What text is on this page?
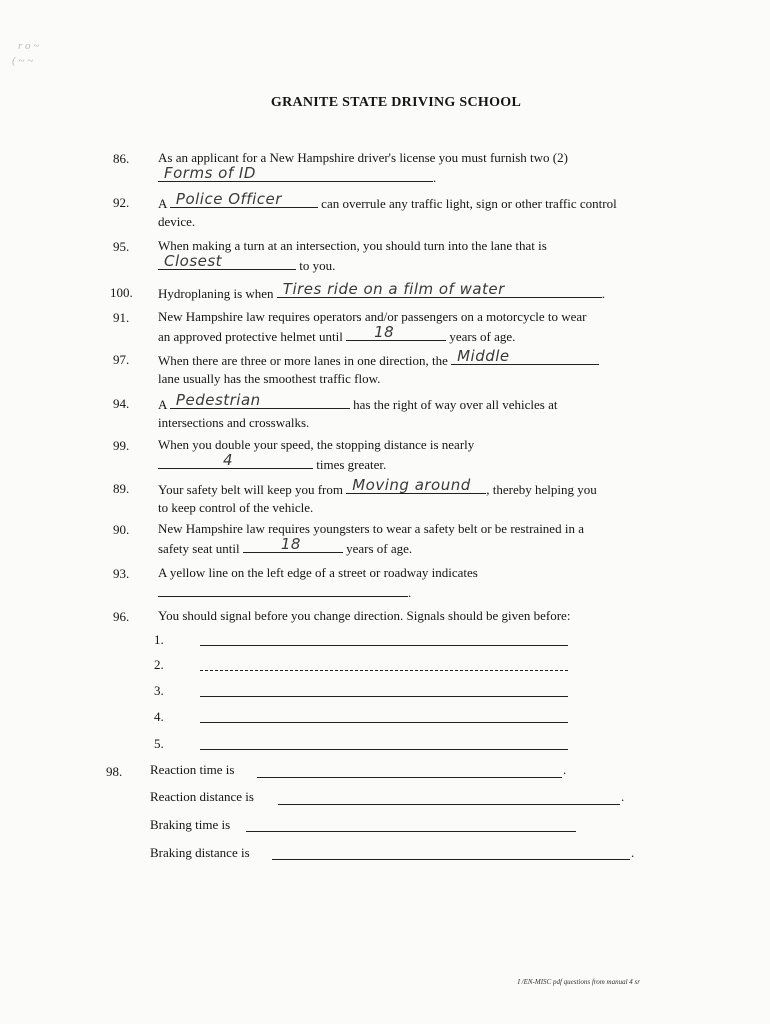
r o ~
( ~ ~
GRANITE STATE DRIVING SCHOOL
86. As an applicant for a New Hampshire driver's license you must furnish two (2)

Forms of ID	.
92. A Police Officer	can overrule any traffic light, sign or other traffic control
device.
95. When making a turn at an intersection, you should turn into the lane that is

Closest	to you.
100. Hydroplaning is when Tires ride on a film of water	.
91. New Hampshire law requires operators and/or passengers on a motorcycle to wear
an approved protective helmet until 18	years of age.
97. When there are three or more lanes in one direction, the Middle

lane usually has the smoothest traffic flow.
94. A Pedestrian	has the right of way over all vehicles at
intersections and crosswalks.
99. When you double your speed, the stopping distance is nearly

4	times greater.
89. Your safety belt will keep you from Moving around , thereby helping you
to keep control of the vehicle.
90. New Hampshire law requires youngsters to wear a safety belt or be restrained in a
safety seat until	18	years of age.
93. A yellow line on the left edge of a street or roadway indicates
.
96. You should signal before you change direction. Signals should be given before:
1.
2.
3.
4.
5.
98. Reaction time is	.
Reaction distance is	.
Braking time is
Braking distance is	.
I /EN-MISC pdf questions from manual 4 sr
